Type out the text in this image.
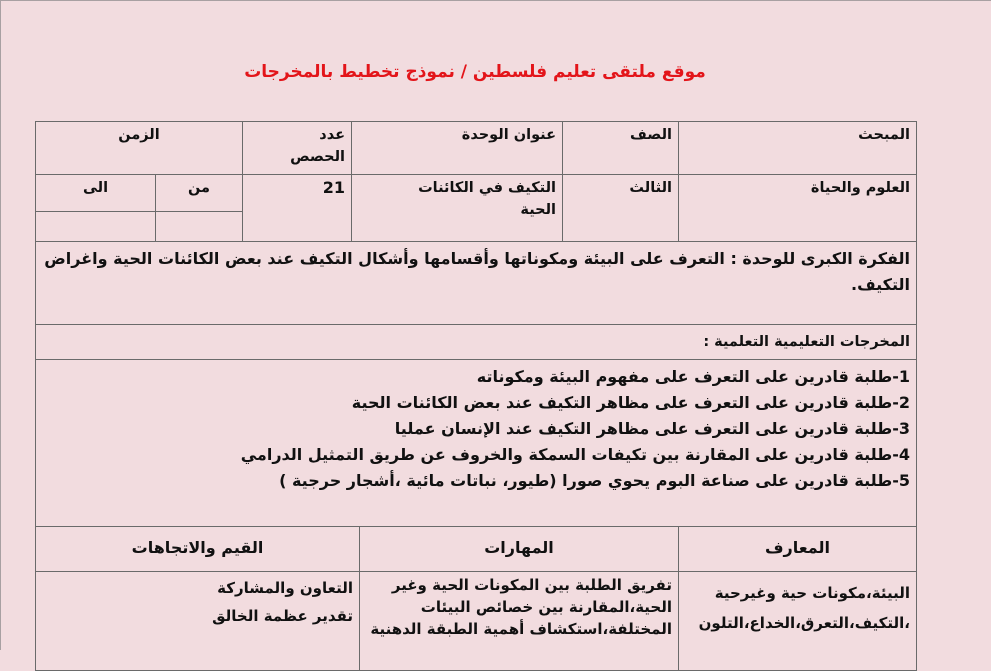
موقع ملتقى تعليم فلسطين / نموذج تخطيط بالمخرجات
المبحث
الصف
عنوان الوحدة
عدد
الحصص
الزمن
العلوم والحياة
الثالث
التكيف في الكائنات
الحية
21
من
الى
الفكرة الكبرى للوحدة : التعرف على البيئة ومكوناتها وأقسامها وأشكال التكيف عند بعض الكائنات الحية واغراض
التكيف.
المخرجات التعليمية التعلمية :
1-طلبة قادرين على التعرف على مفهوم البيئة ومكوناته
2-طلبة قادرين على التعرف على مظاهر التكيف عند بعض الكائنات الحية
3-طلبة قادرين على التعرف على مظاهر التكيف عند الإنسان عمليا
4-طلبة قادرين على المقارنة بين تكيفات السمكة والخروف عن طريق التمثيل الدرامي
5-طلبة قادرين على صناعة البوم يحوي صورا (طيور، نباتات مائية ،أشجار حرجية )
المعارف
المهارات
القيم والاتجاهات
البيئة،مكونات حية وغيرحية
،التكيف،التعرق،الخداع،التلون
تفريق الطلبة بين المكونات الحية وغير
الحية،المقارنة بين خصائص البيئات
المختلفة،استكشاف أهمية الطبقة الدهنية
التعاون والمشاركة
تقدير عظمة الخالق
